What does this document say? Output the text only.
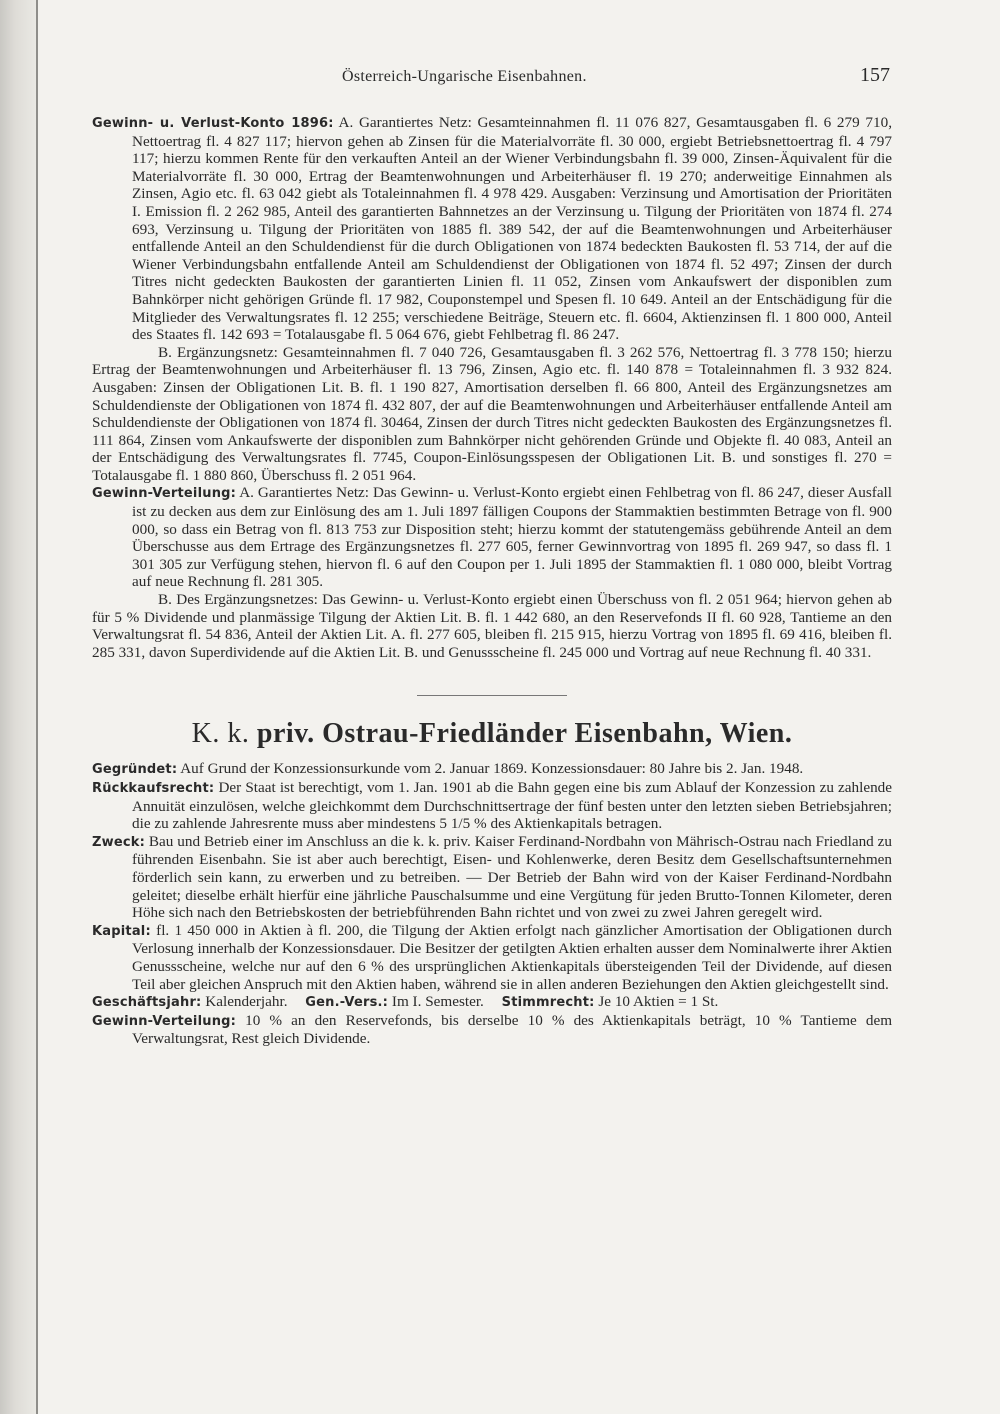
Österreich-Ungarische Eisenbahnen.	157

Gewinn- u. Verlust-Konto 1896: A. Garantiertes Netz: Gesamteinnahmen fl. 11 076 827, Gesamtausgaben fl. 6 279 710, Nettoertrag fl. 4 827 117; hiervon gehen ab Zinsen für die Materialvorräte fl. 30 000, ergiebt Betriebsnettoertrag fl. 4 797 117; hierzu kommen Rente für den verkauften Anteil an der Wiener Verbindungsbahn fl. 39 000, Zinsen-Äquivalent für die Materialvorräte fl. 30 000, Ertrag der Beamtenwohnungen und Arbeiterhäuser fl. 19 270; anderweitige Einnahmen als Zinsen, Agio etc. fl. 63 042 giebt als Totaleinnahmen fl. 4 978 429. Ausgaben: Verzinsung und Amortisation der Prioritäten I. Emission fl. 2 262 985, Anteil des garantierten Bahnnetzes an der Verzinsung u. Tilgung der Prioritäten von 1874 fl. 274 693, Verzinsung u. Tilgung der Prioritäten von 1885 fl. 389 542, der auf die Beamtenwohnungen und Arbeiterhäuser entfallende Anteil an den Schuldendienst für die durch Obligationen von 1874 bedeckten Baukosten fl. 53 714, der auf die Wiener Verbindungsbahn entfallende Anteil am Schuldendienst der Obligationen von 1874 fl. 52 497; Zinsen der durch Titres nicht gedeckten Baukosten der garantierten Linien fl. 11 052, Zinsen vom Ankaufswert der disponiblen zum Bahnkörper nicht gehörigen Gründe fl. 17 982, Couponstempel und Spesen fl. 10 649. Anteil an der Entschädigung für die Mitglieder des Verwaltungsrates fl. 12 255; verschiedene Beiträge, Steuern etc. fl. 6604, Aktienzinsen fl. 1 800 000, Anteil des Staates fl. 142 693 = Totalausgabe fl. 5 064 676, giebt Fehlbetrag fl. 86 247.

B. Ergänzungsnetz: Gesamteinnahmen fl. 7 040 726, Gesamtausgaben fl. 3 262 576, Nettoertrag fl. 3 778 150; hierzu Ertrag der Beamtenwohnungen und Arbeiterhäuser fl. 13 796, Zinsen, Agio etc. fl. 140 878 = Totaleinnahmen fl. 3 932 824. Ausgaben: Zinsen der Obligationen Lit. B. fl. 1 190 827, Amortisation derselben fl. 66 800, Anteil des Ergänzungsnetzes am Schuldendienste der Obligationen von 1874 fl. 432 807, der auf die Beamtenwohnungen und Arbeiterhäuser entfallende Anteil am Schuldendienste der Obligationen von 1874 fl. 30464, Zinsen der durch Titres nicht gedeckten Baukosten des Ergänzungsnetzes fl. 111 864, Zinsen vom Ankaufswerte der disponiblen zum Bahnkörper nicht gehörenden Gründe und Objekte fl. 40 083, Anteil an der Entschädigung des Verwaltungsrates fl. 7745, Coupon-Einlösungsspesen der Obligationen Lit. B. und sonstiges fl. 270 = Totalausgabe fl. 1 880 860, Überschuss fl. 2 051 964.

Gewinn-Verteilung: A. Garantiertes Netz: Das Gewinn- u. Verlust-Konto ergiebt einen Fehlbetrag von fl. 86 247, dieser Ausfall ist zu decken aus dem zur Einlösung des am 1. Juli 1897 fälligen Coupons der Stammaktien bestimmten Betrage von fl. 900 000, so dass ein Betrag von fl. 813 753 zur Disposition steht; hierzu kommt der statutengemäss gebührende Anteil an dem Überschusse aus dem Ertrage des Ergänzungsnetzes fl. 277 605, ferner Gewinnvortrag von 1895 fl. 269 947, so dass fl. 1 301 305 zur Verfügung stehen, hiervon fl. 6 auf den Coupon per 1. Juli 1895 der Stammaktien fl. 1 080 000, bleibt Vortrag auf neue Rechnung fl. 281 305.

B. Des Ergänzungsnetzes: Das Gewinn- u. Verlust-Konto ergiebt einen Überschuss von fl. 2 051 964; hiervon gehen ab für 5 % Dividende und planmässige Tilgung der Aktien Lit. B. fl. 1 442 680, an den Reservefonds II fl. 60 928, Tantieme an den Verwaltungsrat fl. 54 836, Anteil der Aktien Lit. A. fl. 277 605, bleiben fl. 215 915, hierzu Vortrag von 1895 fl. 69 416, bleiben fl. 285 331, davon Superdividende auf die Aktien Lit. B. und Genussscheine fl. 245 000 und Vortrag auf neue Rechnung fl. 40 331.

K. k. priv. Ostrau-Friedländer Eisenbahn, Wien.

Gegründet: Auf Grund der Konzessionsurkunde vom 2. Januar 1869. Konzessionsdauer: 80 Jahre bis 2. Jan. 1948.

Rückkaufsrecht: Der Staat ist berechtigt, vom 1. Jan. 1901 ab die Bahn gegen eine bis zum Ablauf der Konzession zu zahlende Annuität einzulösen, welche gleichkommt dem Durchschnittsertrage der fünf besten unter den letzten sieben Betriebsjahren; die zu zahlende Jahresrente muss aber mindestens 5 1/5 % des Aktienkapitals betragen.

Zweck: Bau und Betrieb einer im Anschluss an die k. k. priv. Kaiser Ferdinand-Nordbahn von Mährisch-Ostrau nach Friedland zu führenden Eisenbahn. Sie ist aber auch berechtigt, Eisen- und Kohlenwerke, deren Besitz dem Gesellschaftsunternehmen förderlich sein kann, zu erwerben und zu betreiben. — Der Betrieb der Bahn wird von der Kaiser Ferdinand-Nordbahn geleitet; dieselbe erhält hierfür eine jährliche Pauschalsumme und eine Vergütung für jeden Brutto-Tonnen Kilometer, deren Höhe sich nach den Betriebskosten der betriebführenden Bahn richtet und von zwei zu zwei Jahren geregelt wird.

Kapital: fl. 1 450 000 in Aktien à fl. 200, die Tilgung der Aktien erfolgt nach gänzlicher Amortisation der Obligationen durch Verlosung innerhalb der Konzessionsdauer. Die Besitzer der getilgten Aktien erhalten ausser dem Nominalwerte ihrer Aktien Genussscheine, welche nur auf den 6 % des ursprünglichen Aktienkapitals übersteigenden Teil der Dividende, auf diesen Teil aber gleichen Anspruch mit den Aktien haben, während sie in allen anderen Beziehungen den Aktien gleichgestellt sind.

Geschäftsjahr: Kalenderjahr. Gen.-Vers.: Im I. Semester. Stimmrecht: Je 10 Aktien = 1 St.

Gewinn-Verteilung: 10 % an den Reservefonds, bis derselbe 10 % des Aktienkapitals beträgt, 10 % Tantieme dem Verwaltungsrat, Rest gleich Dividende.
